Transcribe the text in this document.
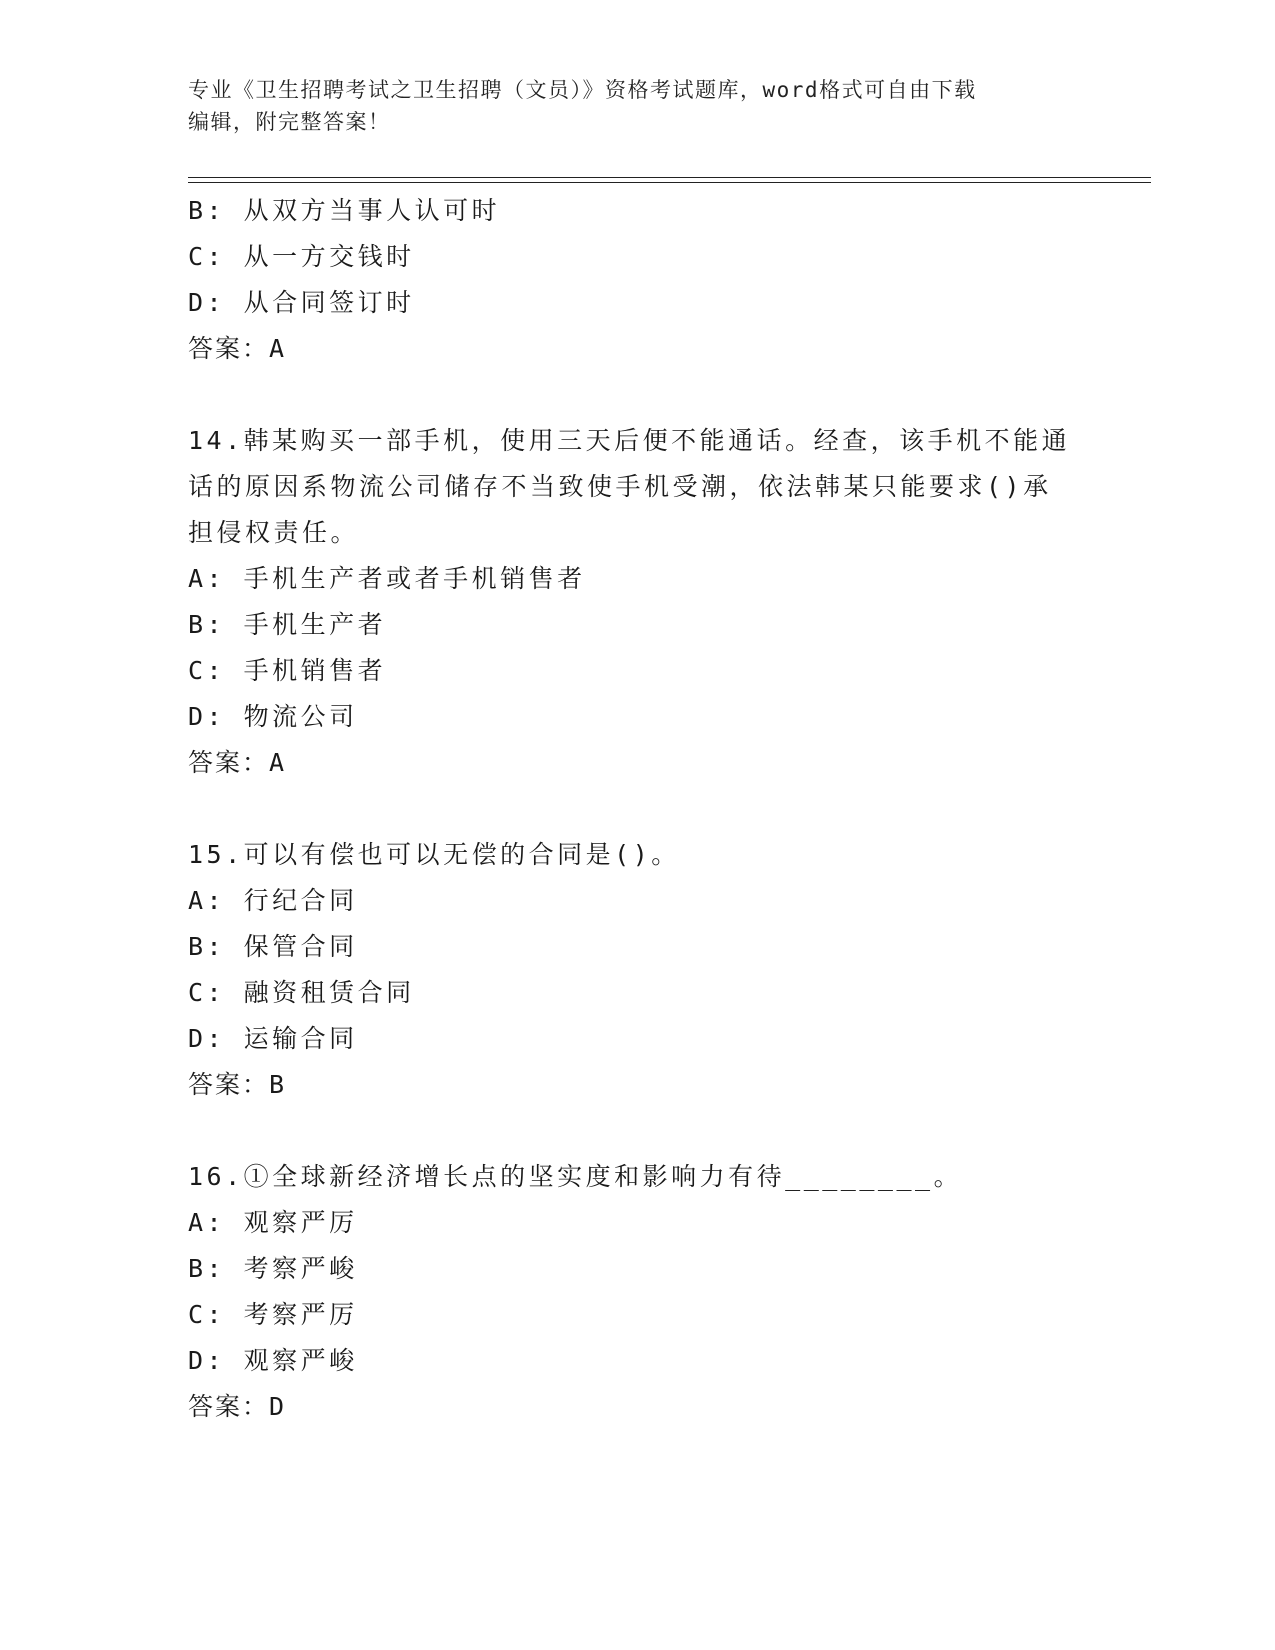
专业《卫生招聘考试之卫生招聘（文员）》资格考试题库，word格式可自由下载
编辑，附完整答案！
B: 从双方当事人认可时
C: 从一方交钱时
D: 从合同签订时
答案：A
14.韩某购买一部手机，使用三天后便不能通话。经查，该手机不能通
话的原因系物流公司储存不当致使手机受潮，依法韩某只能要求()承
担侵权责任。
A: 手机生产者或者手机销售者
B: 手机生产者
C: 手机销售者
D: 物流公司
答案：A
15.可以有偿也可以无偿的合同是()。
A: 行纪合同
B: 保管合同
C: 融资租赁合同
D: 运输合同
答案：B
16.①全球新经济增长点的坚实度和影响力有待________。
A: 观察严厉
B: 考察严峻
C: 考察严厉
D: 观察严峻
答案：D
